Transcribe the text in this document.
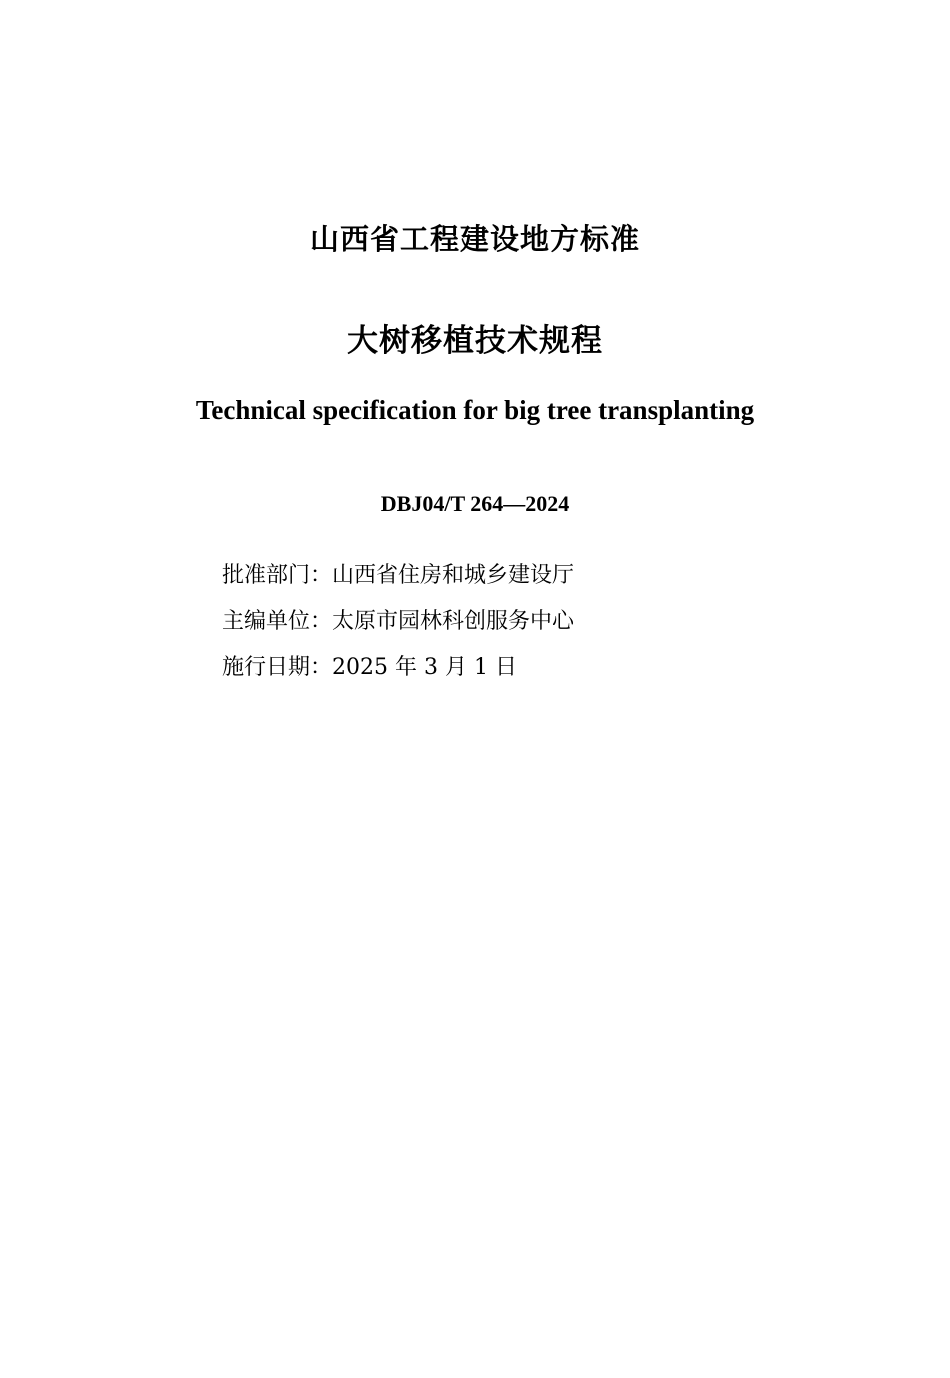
山西省工程建设地方标准
大树移植技术规程
Technical specification for big tree transplanting
DBJ04/T 264—2024
批准部门：山西省住房和城乡建设厅
主编单位：太原市园林科创服务中心
施行日期：2025 年 3 月 1 日
